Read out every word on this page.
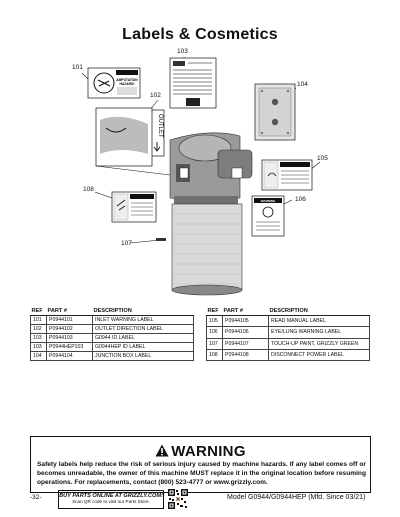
Labels & Cosmetics
AMPUTATION
HAZARD!
OUTLET
WARNING
101
102
103
104
105
106
107
108
REF	PART #	DESCRIPTION
101	P0944101	INLET WARNING LABEL
102	P0944102	OUTLET DIRECTION LABEL
103	P0944103	G0944 ID LABEL
103	P0944HEP103	G0944HEP ID LABEL
104	P0944104	JUNCTION BOX LABEL
REF	PART #	DESCRIPTION
105	P0944105	READ MANUAL LABEL
106	P0944106	EYE/LUNG WARNING LABEL
107	P0944107	TOUCH-UP PAINT, GRIZZLY GREEN
108	P0944108	DISCONNECT POWER LABEL
WARNING
Safety labels help reduce the risk of serious injury caused by machine hazards. If any label comes off or becomes unreadable, the owner of this machine MUST replace it in the original location before resuming operations. For replacements, contact (800) 523-4777 or www.grizzly.com.
-32-	BUY PARTS ONLINE AT GRIZZLY.COM!
Scan QR code to visit our Parts Store.
Model G0944/G0944HEP (Mfd. Since 03/21)
